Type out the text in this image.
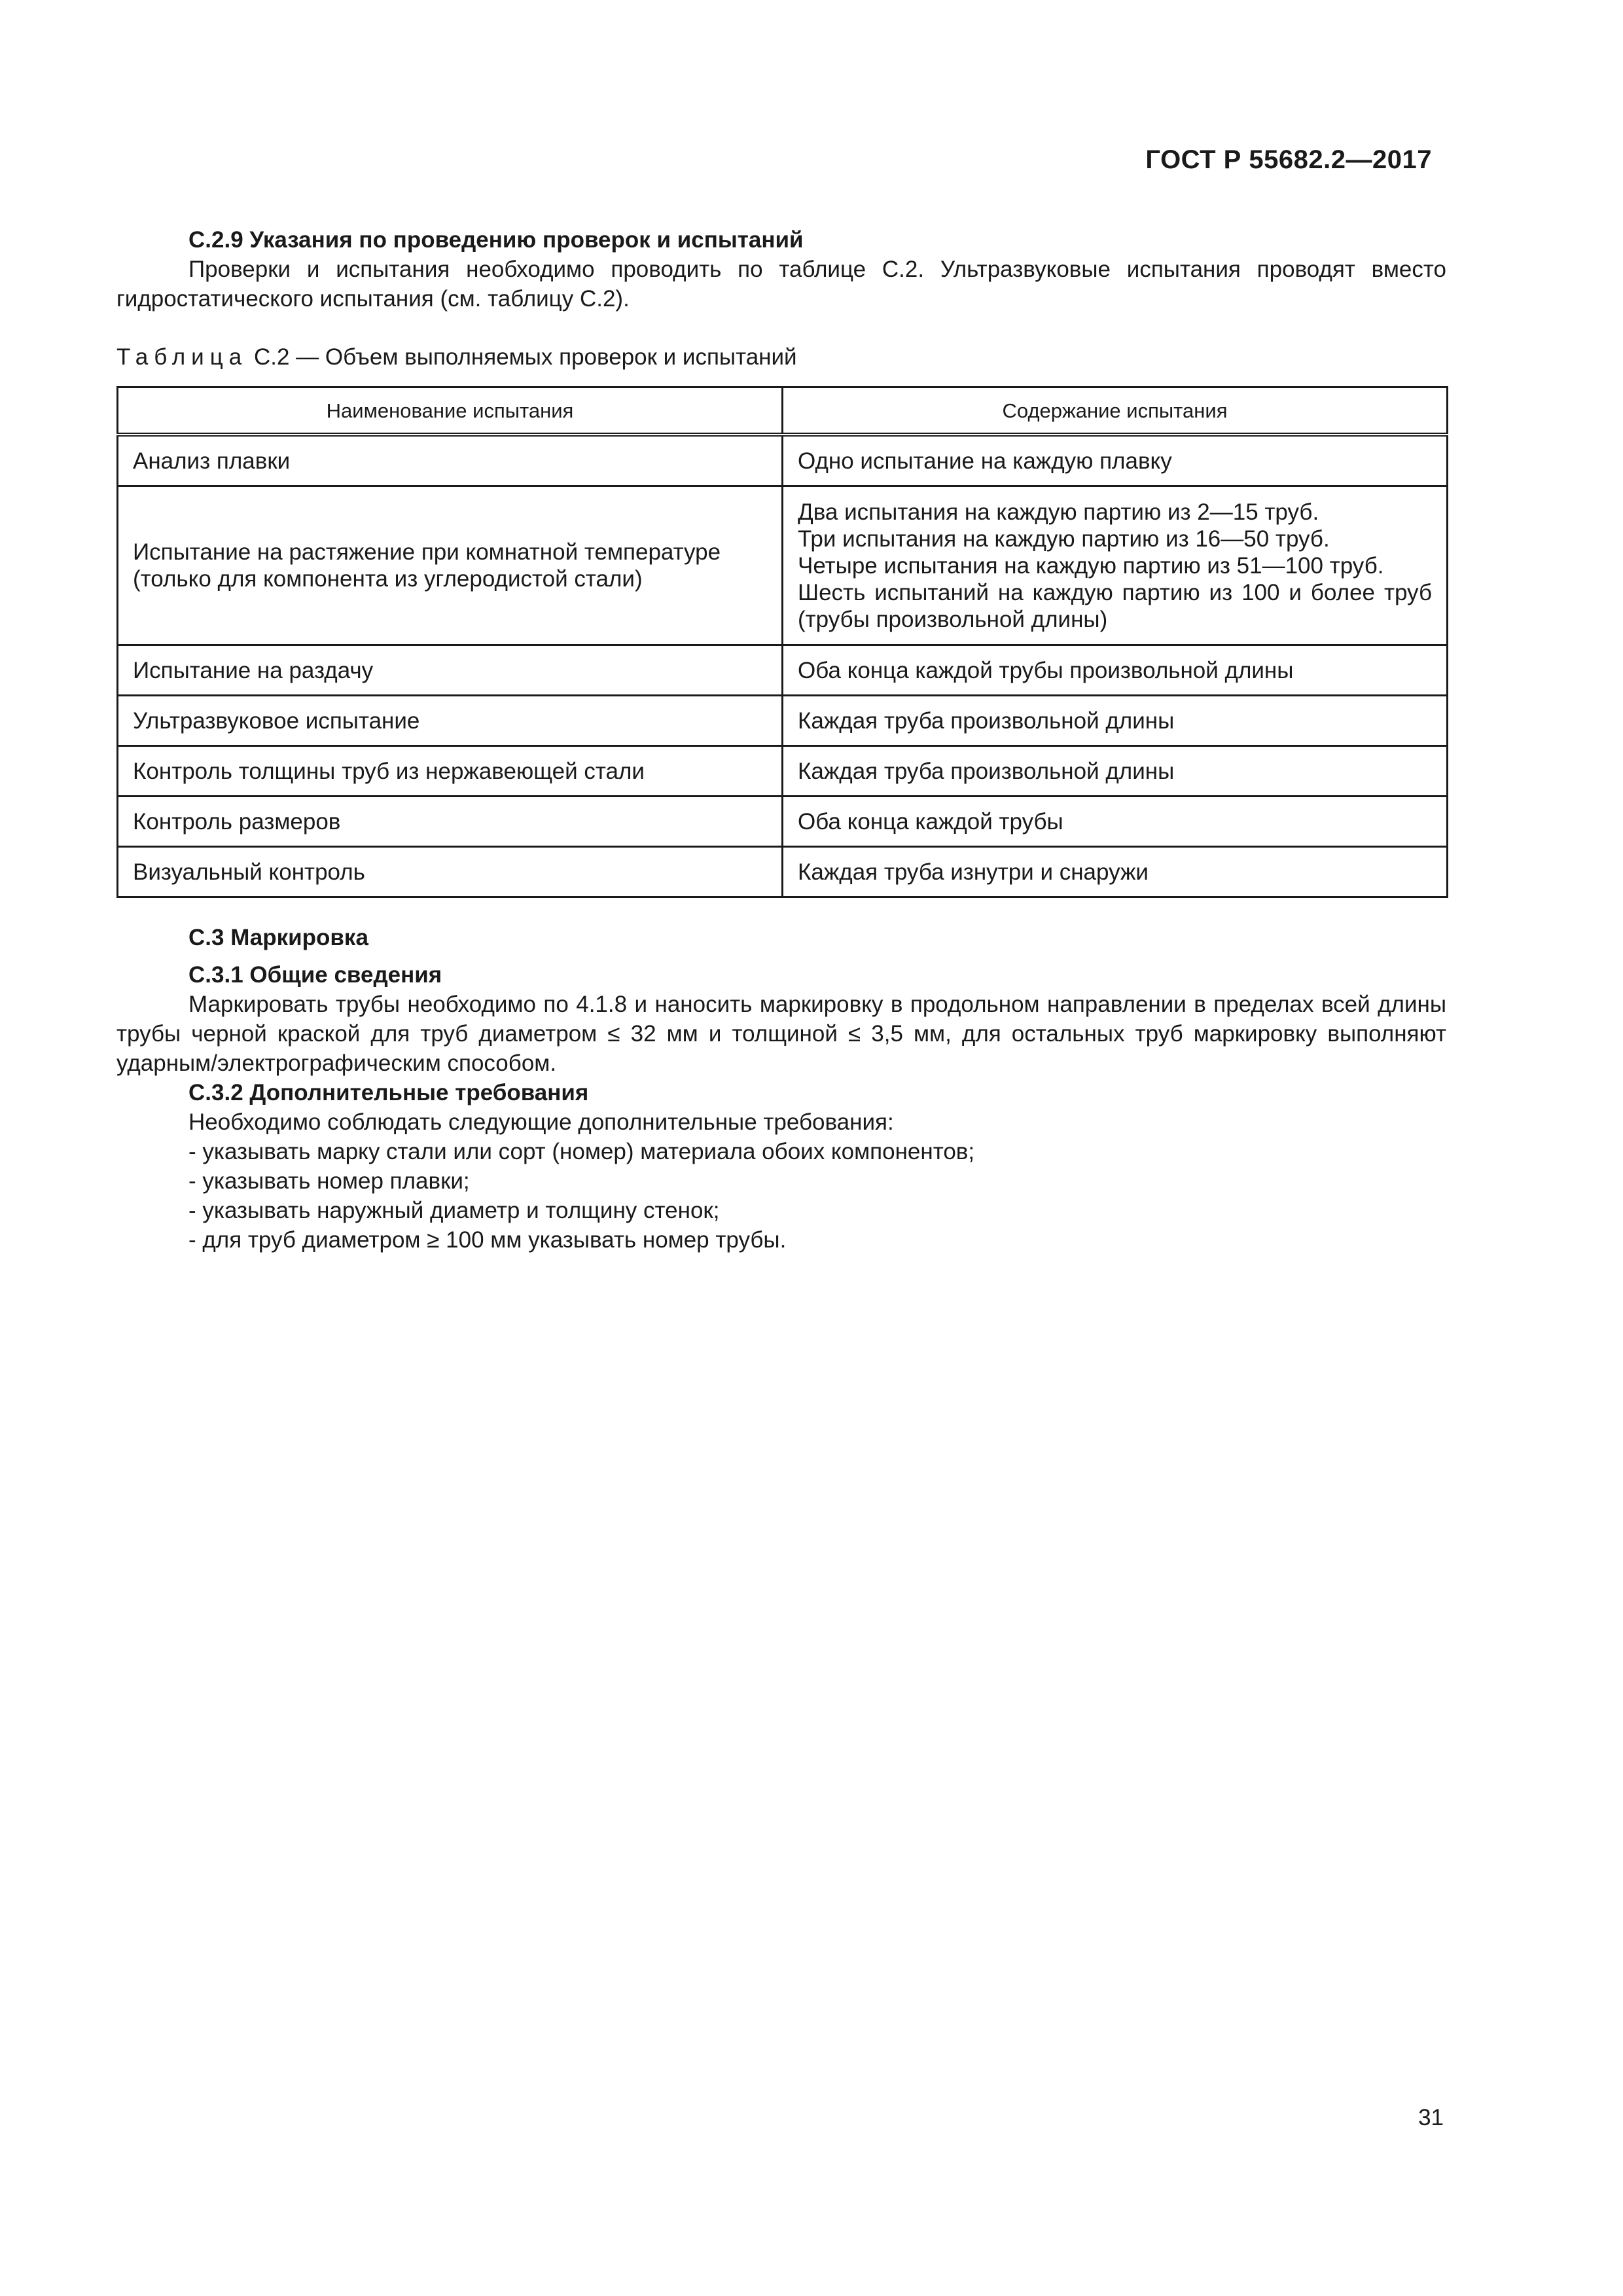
ГОСТ Р 55682.2—2017
С.2.9 Указания по проведению проверок и испытаний
Проверки и испытания необходимо проводить по таблице С.2. Ультразвуковые испытания проводят вместо гидростатического испытания (см. таблицу С.2).
Таблица С.2 — Объем выполняемых проверок и испытаний
Наименование испытания	Содержание испытания
Анализ плавки	Одно испытание на каждую плавку
Испытание на растяжение при комнатной температуре (только для компонента из углеродистой стали)	Два испытания на каждую партию из 2—15 труб.
Три испытания на каждую партию из 16—50 труб.
Четыре испытания на каждую партию из 51—100 труб.
Шесть испытаний на каждую партию из 100 и более труб (трубы произвольной длины)

Испытание на раздачу	Оба конца каждой трубы произвольной длины
Ультразвуковое испытание	Каждая труба произвольной длины
Контроль толщины труб из нержавеющей стали	Каждая труба произвольной длины
Контроль размеров	Оба конца каждой трубы
Визуальный контроль	Каждая труба изнутри и снаружи
С.3 Маркировка
С.3.1 Общие сведения
Маркировать трубы необходимо по 4.1.8 и наносить маркировку в продольном направлении в пределах всей длины трубы черной краской для труб диаметром ≤ 32 мм и толщиной ≤ 3,5 мм, для остальных труб маркировку выполняют ударным/электрографическим способом.
С.3.2 Дополнительные требования
Необходимо соблюдать следующие дополнительные требования:
- указывать марку стали или сорт (номер) материала обоих компонентов;
- указывать номер плавки;
- указывать наружный диаметр и толщину стенок;
- для труб диаметром ≥ 100 мм указывать номер трубы.
31
